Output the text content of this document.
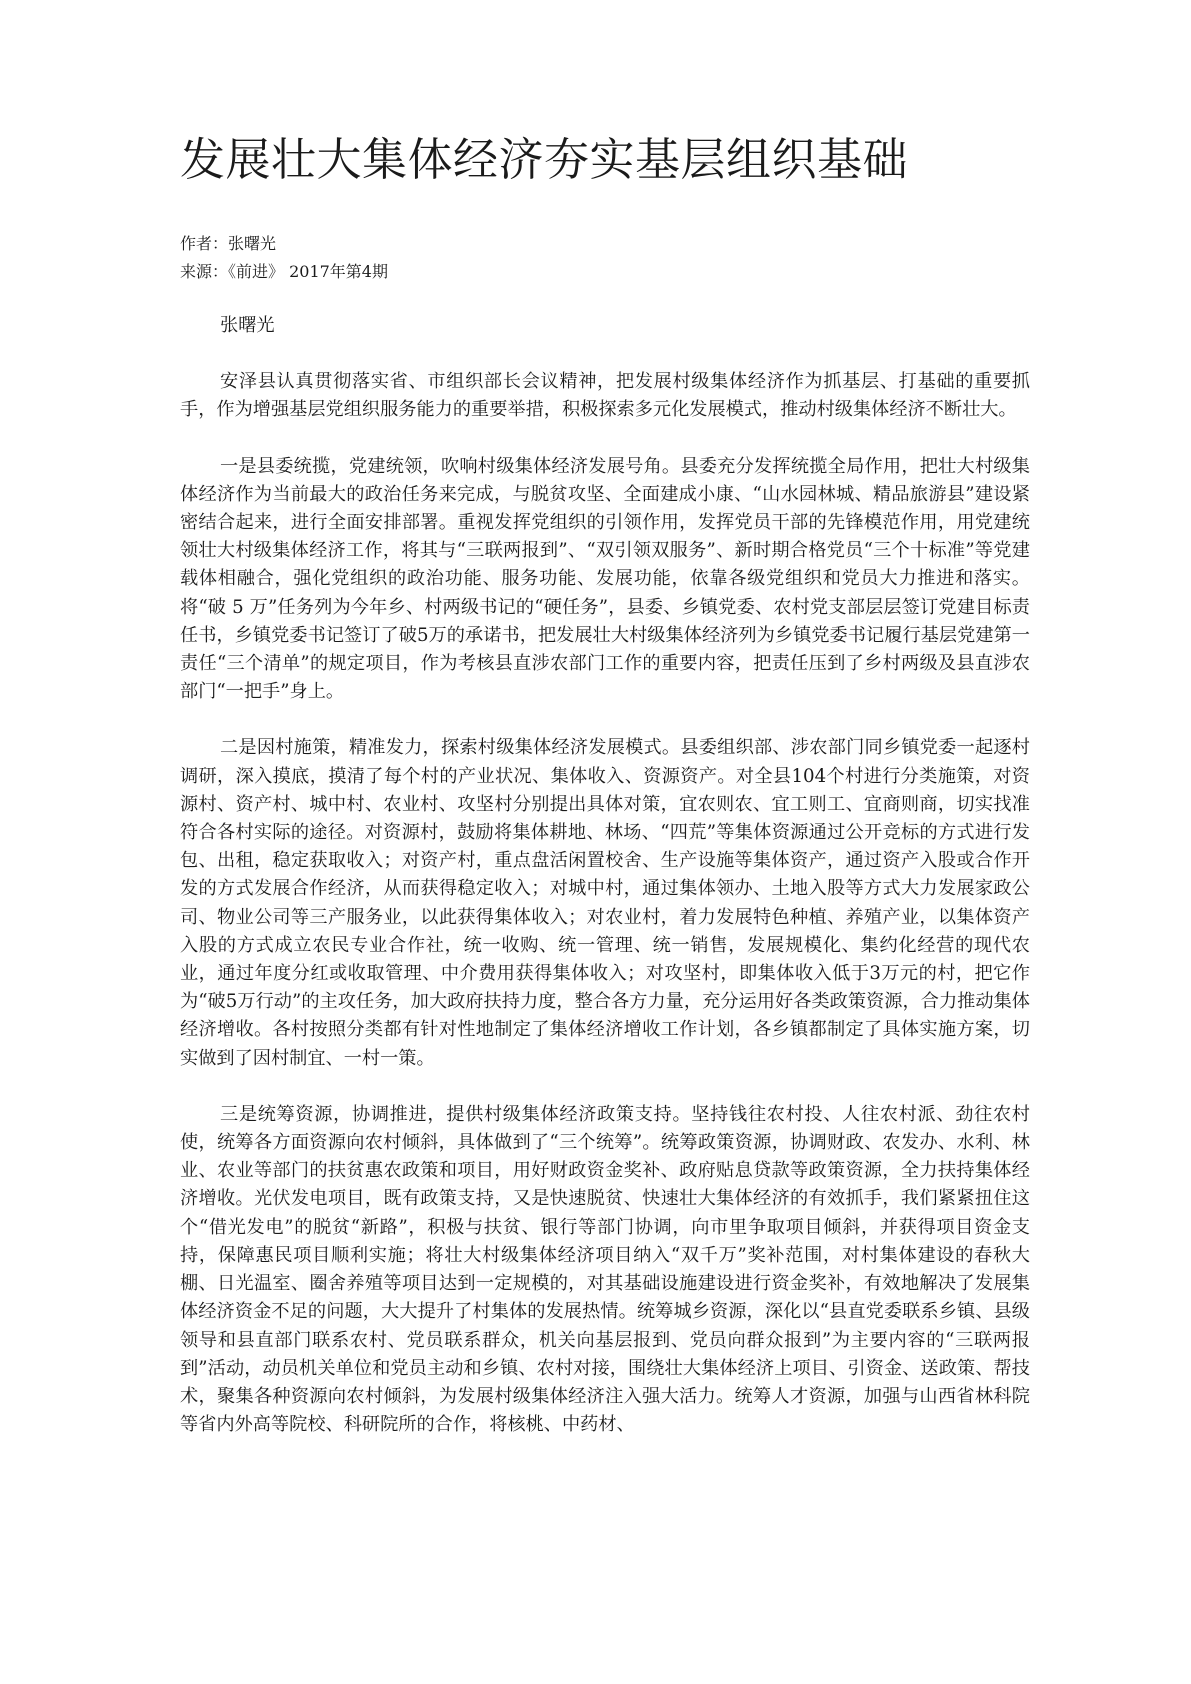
发展壮大集体经济夯实基层组织基础

作者：张曙光

来源：《前进》 2017年第4期

张曙光

安泽县认真贯彻落实省、市组织部长会议精神，把发展村级集体经济作为抓基层、打基础的重要抓手，作为增强基层党组织服务能力的重要举措，积极探索多元化发展模式，推动村级集体经济不断壮大。

一是县委统揽，党建统领，吹响村级集体经济发展号角。县委充分发挥统揽全局作用，把壮大村级集体经济作为当前最大的政治任务来完成，与脱贫攻坚、全面建成小康、“山水园林城、精品旅游县”建设紧密结合起来，进行全面安排部署。重视发挥党组织的引领作用，发挥党员干部的先锋模范作用，用党建统领壮大村级集体经济工作，将其与“三联两报到”、“双引领双服务”、新时期合格党员“三个十标准”等党建载体相融合，强化党组织的政治功能、服务功能、发展功能，依靠各级党组织和党员大力推进和落实。将“破 5 万”任务列为今年乡、村两级书记的“硬任务”，县委、乡镇党委、农村党支部层层签订党建目标责任书，乡镇党委书记签订了破5万的承诺书，把发展壮大村级集体经济列为乡镇党委书记履行基层党建第一责任“三个清单”的规定项目，作为考核县直涉农部门工作的重要内容，把责任压到了乡村两级及县直涉农部门“一把手”身上。

二是因村施策，精准发力，探索村级集体经济发展模式。县委组织部、涉农部门同乡镇党委一起逐村调研，深入摸底，摸清了每个村的产业状况、集体收入、资源资产。对全县104个村进行分类施策，对资源村、资产村、城中村、农业村、攻坚村分别提出具体对策，宜农则农、宜工则工、宜商则商，切实找准符合各村实际的途径。对资源村，鼓励将集体耕地、林场、“四荒”等集体资源通过公开竞标的方式进行发包、出租，稳定获取收入；对资产村，重点盘活闲置校舍、生产设施等集体资产，通过资产入股或合作开发的方式发展合作经济，从而获得稳定收入；对城中村，通过集体领办、土地入股等方式大力发展家政公司、物业公司等三产服务业，以此获得集体收入；对农业村，着力发展特色种植、养殖产业，以集体资产入股的方式成立农民专业合作社，统一收购、统一管理、统一销售，发展规模化、集约化经营的现代农业，通过年度分红或收取管理、中介费用获得集体收入；对攻坚村，即集体收入低于3万元的村，把它作为“破5万行动”的主攻任务，加大政府扶持力度，整合各方力量，充分运用好各类政策资源，合力推动集体经济增收。各村按照分类都有针对性地制定了集体经济增收工作计划，各乡镇都制定了具体实施方案，切实做到了因村制宜、一村一策。

三是统筹资源，协调推进，提供村级集体经济政策支持。坚持钱往农村投、人往农村派、劲往农村使，统筹各方面资源向农村倾斜，具体做到了“三个统筹”。统筹政策资源，协调财政、农发办、水利、林业、农业等部门的扶贫惠农政策和项目，用好财政资金奖补、政府贴息贷款等政策资源，全力扶持集体经济增收。光伏发电项目，既有政策支持，又是快速脱贫、快速壮大集体经济的有效抓手，我们紧紧扭住这个“借光发电”的脱贫“新路”，积极与扶贫、银行等部门协调，向市里争取项目倾斜，并获得项目资金支持，保障惠民项目顺利实施；将壮大村级集体经济项目纳入“双千万”奖补范围，对村集体建设的春秋大棚、日光温室、圈舍养殖等项目达到一定规模的，对其基础设施建设进行资金奖补，有效地解决了发展集体经济资金不足的问题，大大提升了村集体的发展热情。统筹城乡资源，深化以“县直党委联系乡镇、县级领导和县直部门联系农村、党员联系群众，机关向基层报到、党员向群众报到”为主要内容的“三联两报到”活动，动员机关单位和党员主动和乡镇、农村对接，围绕壮大集体经济上项目、引资金、送政策、帮技术，聚集各种资源向农村倾斜，为发展村级集体经济注入强大活力。统筹人才资源，加强与山西省林科院等省内外高等院校、科研院所的合作，将核桃、中药材、
